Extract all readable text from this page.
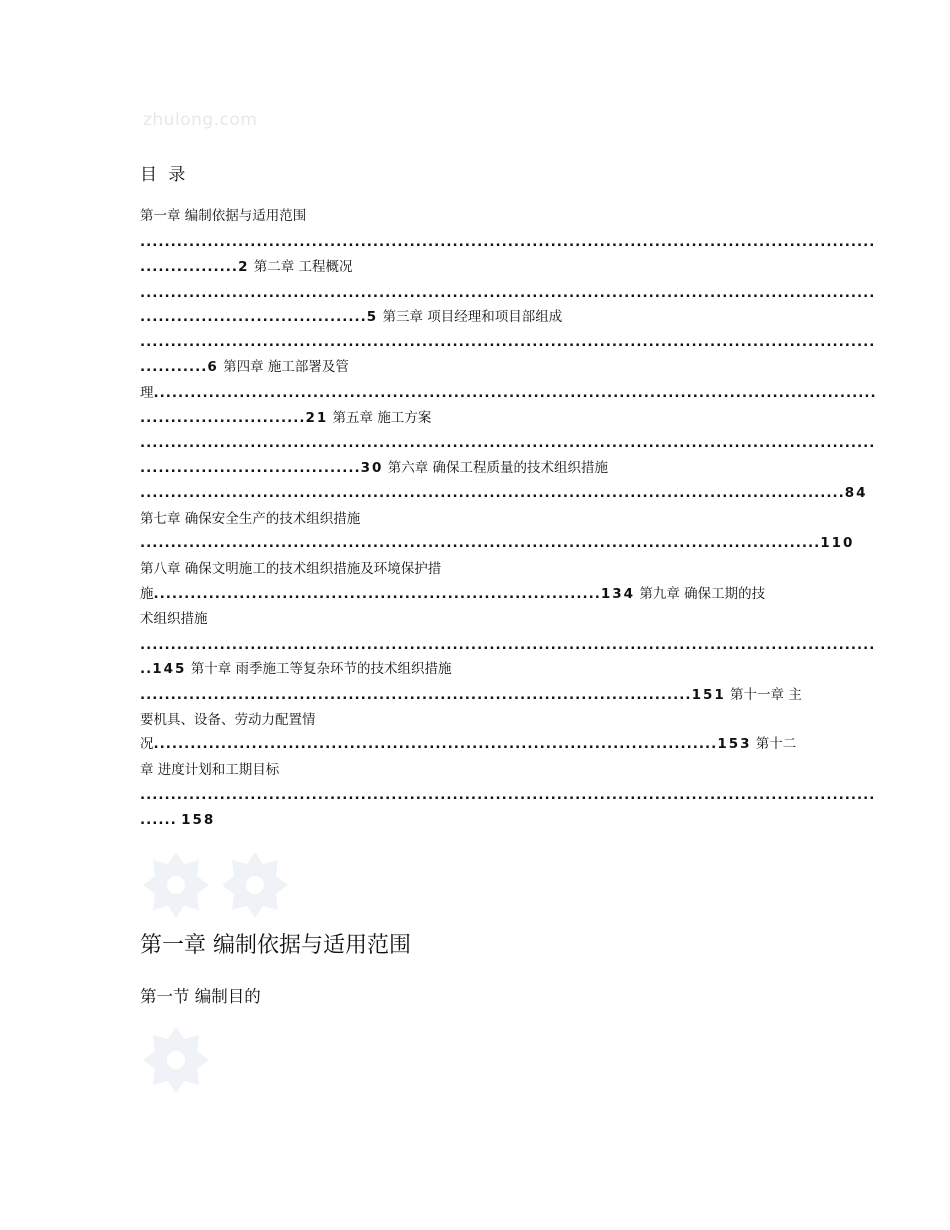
zhulong.com
目 录
第一章 编制依据与适用范围
........................................................................................................................
................2 第二章 工程概况
........................................................................................................................
.....................................5 第三章 项目经理和项目部组成
........................................................................................................................
...........6 第四章 施工部署及管
理......................................................................................................................
...........................21 第五章 施工方案
........................................................................................................................
....................................30 第六章 确保工程质量的技术组织措施
...................................................................................................................84
第七章 确保安全生产的技术组织措施
...............................................................................................................110
第八章 确保文明施工的技术组织措施及环境保护措
施.........................................................................134 第九章 确保工期的技
术组织措施
........................................................................................................................
..145 第十章 雨季施工等复杂环节的技术组织措施
..........................................................................................151 第十一章 主
要机具、设备、劳动力配置情
况............................................................................................153 第十二
章 进度计划和工期目标
........................................................................................................................
...... 158
第一章 编制依据与适用范围
第一节 编制目的
